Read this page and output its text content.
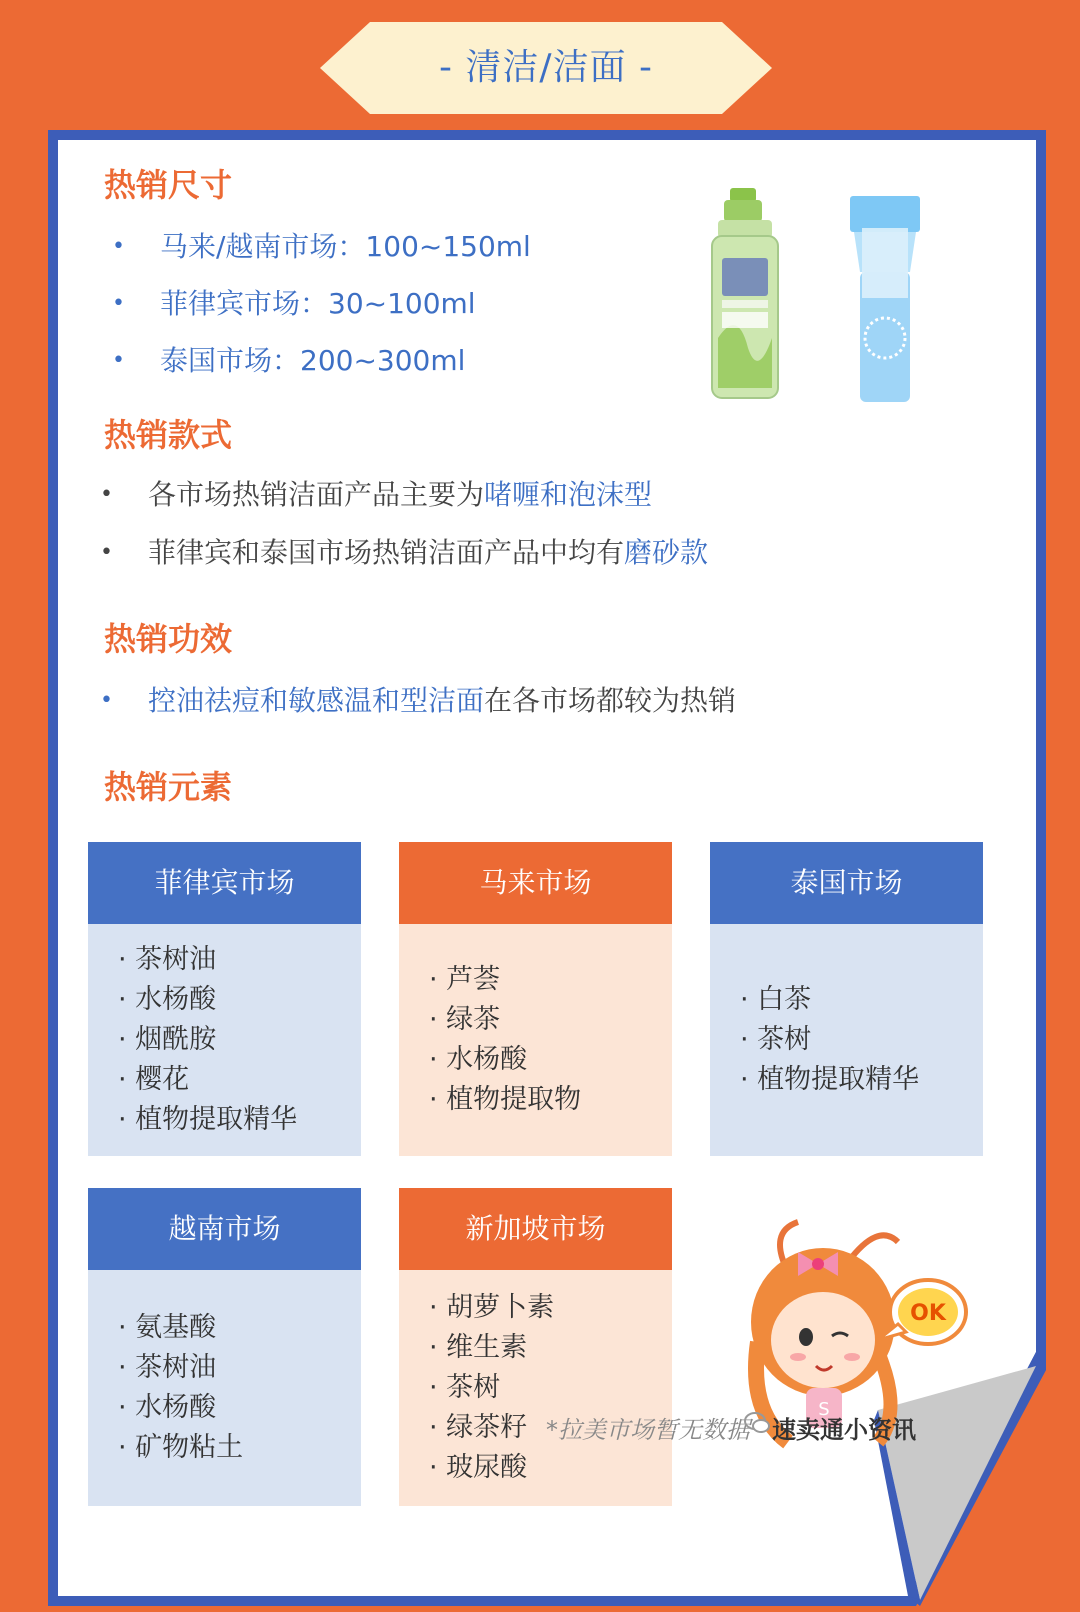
- 清洁/洁面 -
热销尺寸
• 马来/越南市场：100~150ml
• 菲律宾市场：30~100ml
• 泰国市场：200~300ml
热销款式
• 各市场热销洁面产品主要为啫喱和泡沫型
• 菲律宾和泰国市场热销洁面产品中均有磨砂款
热销功效
• 控油祛痘和敏感温和型洁面在各市场都较为热销
热销元素
菲律宾市场
· 茶树油
· 水杨酸
· 烟酰胺
· 樱花
· 植物提取精华
马来市场
· 芦荟
· 绿茶
· 水杨酸
· 植物提取物
泰国市场
· 白茶
· 茶树
· 植物提取精华
越南市场
· 氨基酸
· 茶树油
· 水杨酸
· 矿物粘土
新加坡市场
· 胡萝卜素
· 维生素
· 茶树
· 绿茶籽
· 玻尿酸
S
OK
*拉美市场暂无数据 速卖通小资讯
